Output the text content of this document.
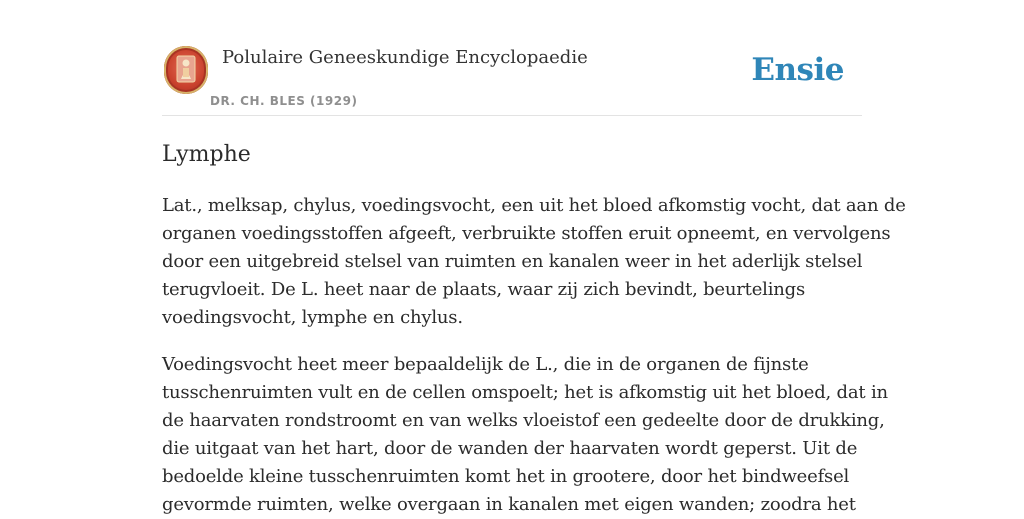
Polulaire Geneeskundige Encyclopaedie
DR. CH. BLES (1929)
Ensie
Lymphe

Lat., melksap, chylus, voedingsvocht, een uit het bloed afkomstig vocht, dat aan de
organen voedingsstoffen afgeeft, verbruikte stoffen eruit opneemt, en vervolgens
door een uitgebreid stelsel van ruimten en kanalen weer in het aderlijk stelsel
terugvloeit. De L. heet naar de plaats, waar zij zich bevindt, beurtelings
voedingsvocht, lymphe en chylus.

Voedingsvocht heet meer bepaaldelijk de L., die in de organen de fijnste
tusschenruimten vult en de cellen omspoelt; het is afkomstig uit het bloed, dat in
de haarvaten rondstroomt en van welks vloeistof een gedeelte door de drukking,
die uitgaat van het hart, door de wanden der haarvaten wordt geperst. Uit de
bedoelde kleine tusschenruimten komt het in grootere, door het bindweefsel
gevormde ruimten, welke overgaan in kanalen met eigen wanden; zoodra het
